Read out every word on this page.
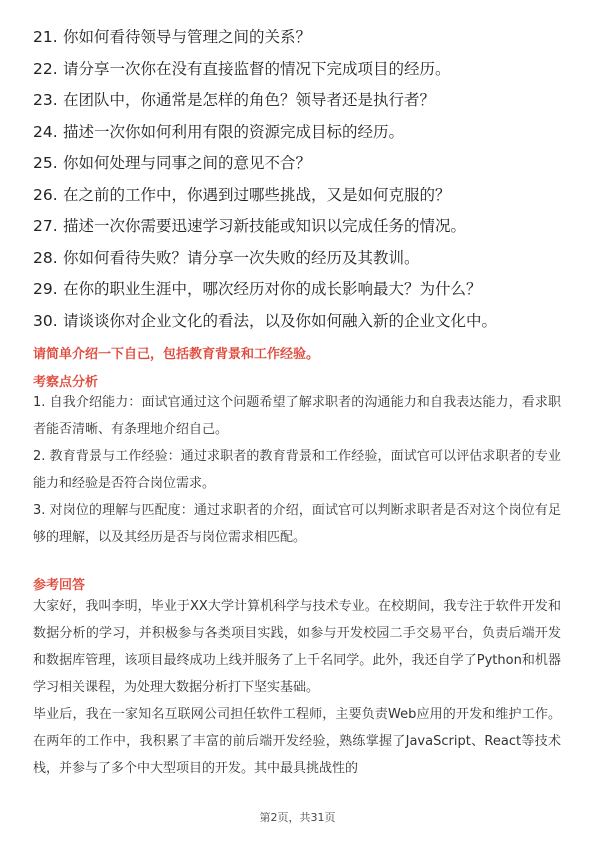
21. 你如何看待领导与管理之间的关系？
22. 请分享一次你在没有直接监督的情况下完成项目的经历。
23. 在团队中，你通常是怎样的角色？领导者还是执行者？
24. 描述一次你如何利用有限的资源完成目标的经历。
25. 你如何处理与同事之间的意见不合？
26. 在之前的工作中，你遇到过哪些挑战，又是如何克服的？
27. 描述一次你需要迅速学习新技能或知识以完成任务的情况。
28. 你如何看待失败？请分享一次失败的经历及其教训。
29. 在你的职业生涯中，哪次经历对你的成长影响最大？为什么？
30. 请谈谈你对企业文化的看法，以及你如何融入新的企业文化中。
请简单介绍一下自己，包括教育背景和工作经验。
考察点分析
1. 自我介绍能力：面试官通过这个问题希望了解求职者的沟通能力和自我表达能力，看求职者能否清晰、有条理地介绍自己。
2. 教育背景与工作经验：通过求职者的教育背景和工作经验，面试官可以评估求职者的专业能力和经验是否符合岗位需求。
3. 对岗位的理解与匹配度：通过求职者的介绍，面试官可以判断求职者是否对这个岗位有足够的理解，以及其经历是否与岗位需求相匹配。
参考回答
大家好，我叫李明，毕业于XX大学计算机科学与技术专业。在校期间，我专注于软件开发和数据分析的学习，并积极参与各类项目实践，如参与开发校园二手交易平台，负责后端开发和数据库管理，该项目最终成功上线并服务了上千名同学。此外，我还自学了Python和机器学习相关课程，为处理大数据分析打下坚实基础。
毕业后，我在一家知名互联网公司担任软件工程师，主要负责Web应用的开发和维护工作。在两年的工作中，我积累了丰富的前后端开发经验，熟练掌握了JavaScript、React等技术栈，并参与了多个中大型项目的开发。其中最具挑战性的
第2页，共31页
